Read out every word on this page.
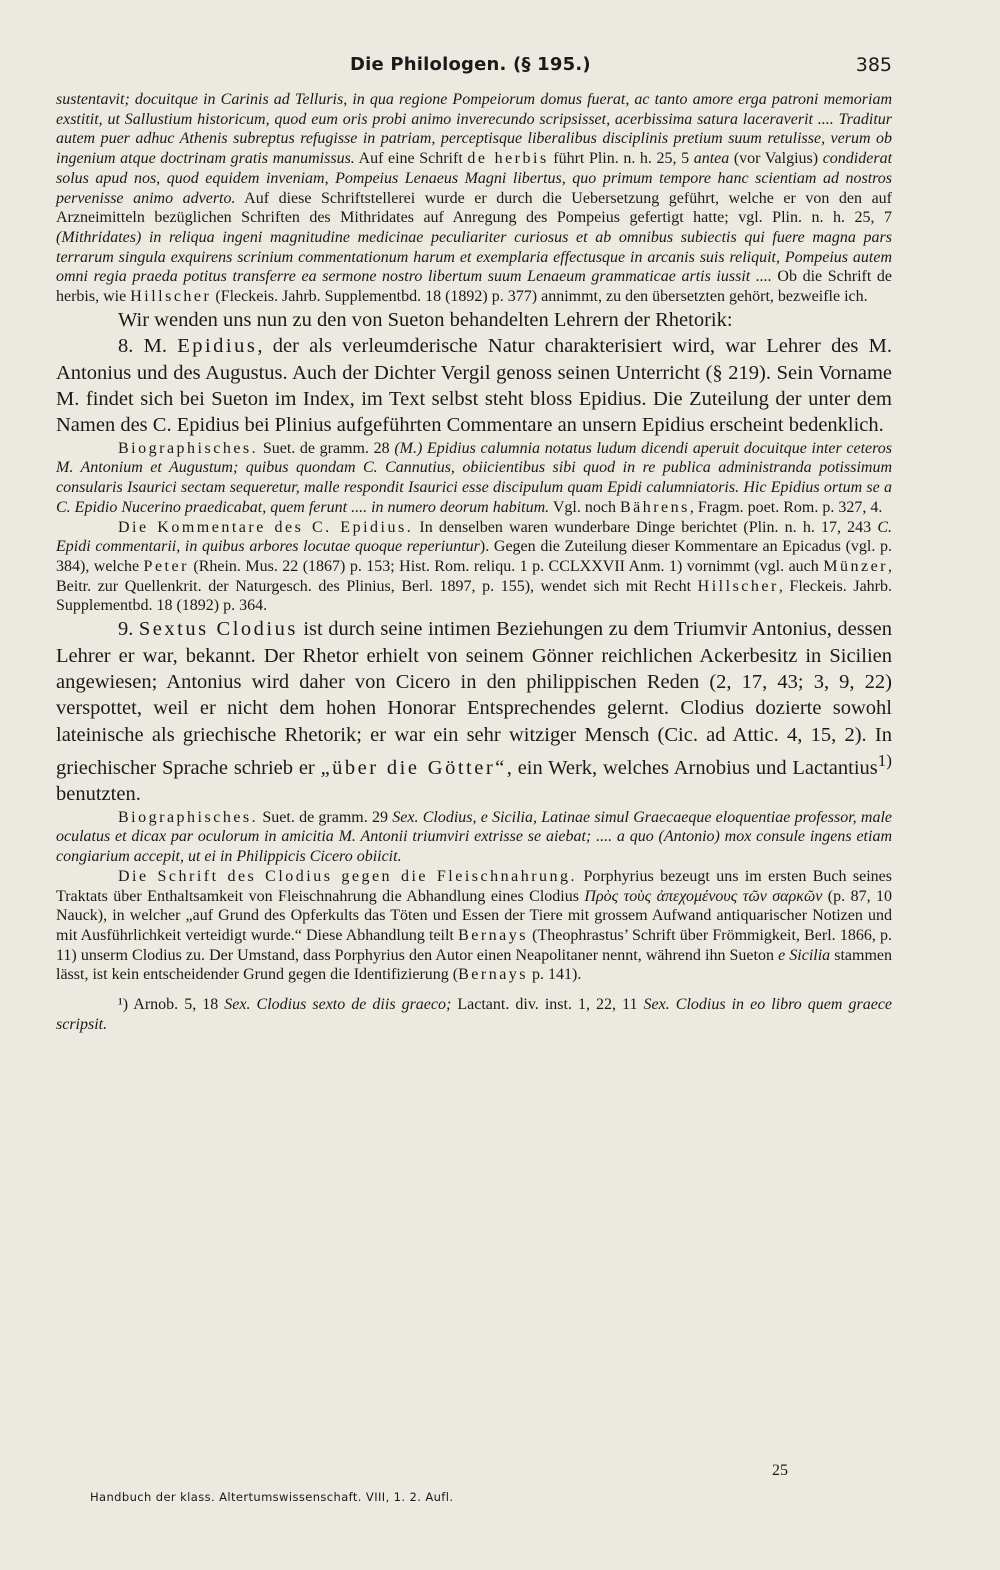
Die Philologen. (§ 195.)	385

sustentavit; docuitque in Carinis ad Telluris, in qua regione Pompeiorum domus fuerat, ac tanto amore erga patroni memoriam exstitit, ut Sallustium historicum, quod eum oris probi animo inverecundo scripsisset, acerbissima satura laceraverit .... Traditur autem puer adhuc Athenis subreptus refugisse in patriam, perceptisque liberalibus disciplinis pretium suum retulisse, verum ob ingenium atque doctrinam gratis manumissus. Auf eine Schrift de herbis führt Plin. n. h. 25, 5 antea (vor Valgius) condiderat solus apud nos, quod equidem inveniam, Pompeius Lenaeus Magni libertus, quo primum tempore hanc scientiam ad nostros pervenisse animo adverto. Auf diese Schriftstellerei wurde er durch die Uebersetzung geführt, welche er von den auf Arzneimitteln bezüglichen Schriften des Mithridates auf Anregung des Pompeius gefertigt hatte; vgl. Plin. n. h. 25, 7 (Mithridates) in reliqua ingeni magnitudine medicinae peculiariter curiosus et ab omnibus subiectis qui fuere magna pars terrarum singula exquirens scrinium commentationum harum et exemplaria effectusque in arcanis suis reliquit, Pompeius autem omni regia praeda potitus transferre ea sermone nostro libertum suum Lenaeum grammaticae artis iussit .... Ob die Schrift de herbis, wie Hillscher (Fleckeis. Jahrb. Supplementbd. 18 (1892) p. 377) annimmt, zu den übersetzten gehört, bezweifle ich.

Wir wenden uns nun zu den von Sueton behandelten Lehrern der Rhetorik:

8. M. Epidius, der als verleumderische Natur charakterisiert wird, war Lehrer des M. Antonius und des Augustus. Auch der Dichter Vergil genoss seinen Unterricht (§ 219). Sein Vorname M. findet sich bei Sueton im Index, im Text selbst steht bloss Epidius. Die Zuteilung der unter dem Namen des C. Epidius bei Plinius aufgeführten Commentare an unsern Epidius erscheint bedenklich.

Biographisches. Suet. de gramm. 28 (M.) Epidius calumnia notatus ludum dicendi aperuit docuitque inter ceteros M. Antonium et Augustum; quibus quondam C. Cannutius, obiicientibus sibi quod in re publica administranda potissimum consularis Isaurici sectam sequeretur, malle respondit Isaurici esse discipulum quam Epidi calumniatoris. Hic Epidius ortum se a C. Epidio Nucerino praedicabat, quem ferunt .... in numero deorum habitum. Vgl. noch Bährens, Fragm. poet. Rom. p. 327, 4.

Die Kommentare des C. Epidius. In denselben waren wunderbare Dinge berichtet (Plin. n. h. 17, 243 C. Epidi commentarii, in quibus arbores locutae quoque reperiuntur). Gegen die Zuteilung dieser Kommentare an Epicadus (vgl. p. 384), welche Peter (Rhein. Mus. 22 (1867) p. 153; Hist. Rom. reliqu. 1 p. CCLXXVII Anm. 1) vornimmt (vgl. auch Münzer, Beitr. zur Quellenkrit. der Naturgesch. des Plinius, Berl. 1897, p. 155), wendet sich mit Recht Hillscher, Fleckeis. Jahrb. Supplementbd. 18 (1892) p. 364.

9. Sextus Clodius ist durch seine intimen Beziehungen zu dem Triumvir Antonius, dessen Lehrer er war, bekannt. Der Rhetor erhielt von seinem Gönner reichlichen Ackerbesitz in Sicilien angewiesen; Antonius wird daher von Cicero in den philippischen Reden (2, 17, 43; 3, 9, 22) verspottet, weil er nicht dem hohen Honorar Entsprechendes gelernt. Clodius dozierte sowohl lateinische als griechische Rhetorik; er war ein sehr witziger Mensch (Cic. ad Attic. 4, 15, 2). In griechischer Sprache schrieb er „über die Götter“, ein Werk, welches Arnobius und Lactantius$^{1)}$ benutzten.

Biographisches. Suet. de gramm. 29 Sex. Clodius, e Sicilia, Latinae simul Graecaeque eloquentiae professor, male oculatus et dicax par oculorum in amicitia M. Antonii triumviri extrisse se aiebat; .... a quo (Antonio) mox consule ingens etiam congiarium accepit, ut ei in Philippicis Cicero obiicit.

Die Schrift des Clodius gegen die Fleischnahrung. Porphyrius bezeugt uns im ersten Buch seines Traktats über Enthaltsamkeit von Fleischnahrung die Abhandlung eines Clodius Πρὸς τοὺς ἀπεχομένους τῶν σαρκῶν (p. 87, 10 Nauck), in welcher „auf Grund des Opferkults das Töten und Essen der Tiere mit grossem Aufwand antiquarischer Notizen und mit Ausführlichkeit verteidigt wurde.“ Diese Abhandlung teilt Bernays (Theophrastus’ Schrift über Frömmigkeit, Berl. 1866, p. 11) unserm Clodius zu. Der Umstand, dass Porphyrius den Autor einen Neapolitaner nennt, während ihn Sueton e Sicilia stammen lässt, ist kein entscheidender Grund gegen die Identifizierung (Bernays p. 141).

¹) Arnob. 5, 18 Sex. Clodius sexto de diis graeco; Lactant. div. inst. 1, 22, 11 Sex. Clodius in eo libro quem graece scripsit.

25
Handbuch der klass. Altertumswissenschaft. VIII, 1. 2. Aufl.
